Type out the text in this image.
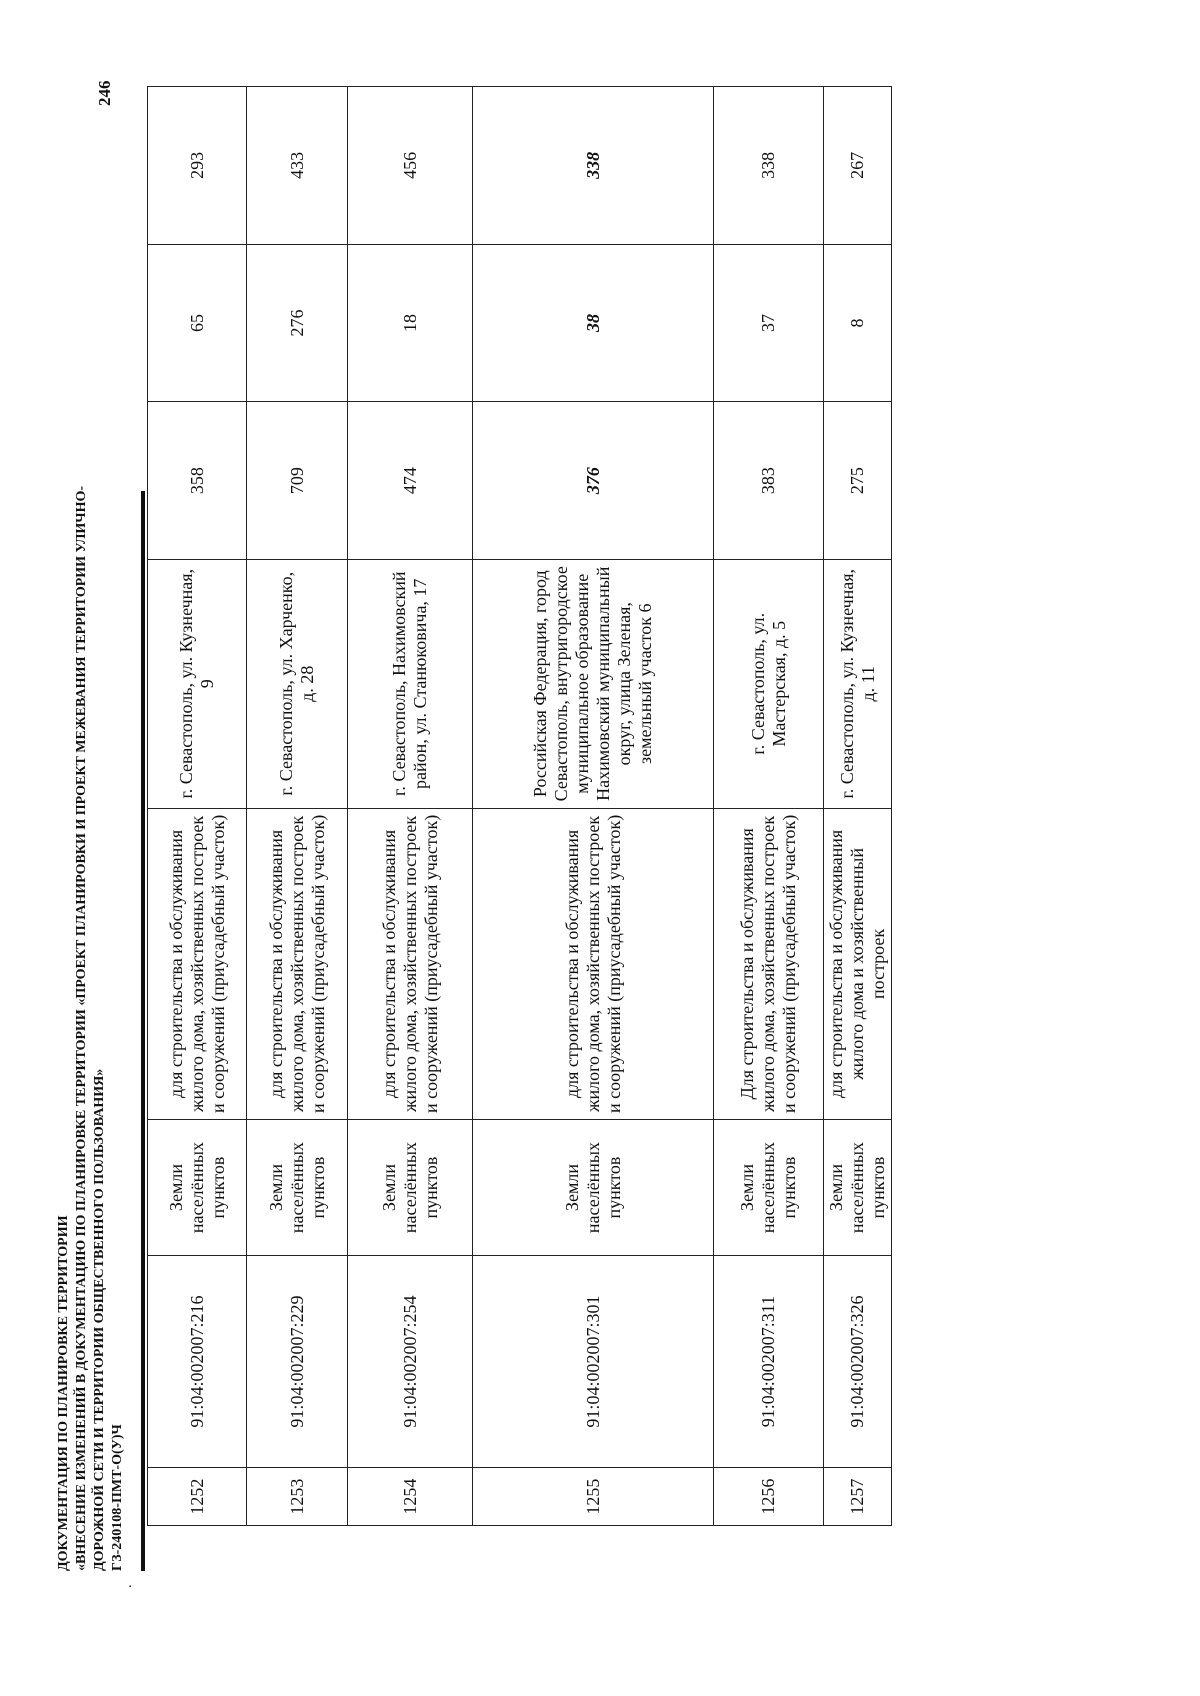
.
ДОКУМЕНТАЦИЯ ПО ПЛАНИРОВКЕ ТЕРРИТОРИИ «ВНЕСЕНИЕ ИЗМЕНЕНИЙ В ДОКУМЕНТАЦИЮ ПО ПЛАНИРОВКЕ ТЕРРИТОРИИ «ПРОЕКТ ПЛАНИРОВКИ И ПРОЕКТ МЕЖЕВАНИЯ ТЕРРИТОРИИ УЛИЧНО- ДОРОЖНОЙ СЕТИ И ТЕРРИТОРИИ ОБЩЕСТВЕННОГО ПОЛЬЗОВАНИЯ» ГЗ-240108-ПМТ-О(У)Ч
246
1252	91:04:002007:216	Земли населённых пунктов	для строительства и обслуживания жилого дома, хозяйственных построек и сооружений (приусадебный участок)	г. Севастополь, ул. Кузнечная, 9	358	65	293
1253	91:04:002007:229	Земли населённых пунктов	для строительства и обслуживания жилого дома, хозяйственных построек и сооружений (приусадебный участок)	г. Севастополь, ул. Харченко, д. 28	709	276	433
1254	91:04:002007:254	Земли населённых пунктов	для строительства и обслуживания жилого дома, хозяйственных построек и сооружений (приусадебный участок)	г. Севастополь, Нахимовский район, ул. Станюковича, 17	474	18	456
1255	91:04:002007:301	Земли населённых пунктов	для строительства и обслуживания жилого дома, хозяйственных построек и сооружений (приусадебный участок)	Российская Федерация, город Севастополь, внутригородское муниципальное образование Нахимовский муниципальный округ, улица Зеленая, земельный участок 6	376	38	338
1256	91:04:002007:311	Земли населённых пунктов	Для строительства и обслуживания жилого дома, хозяйственных построек и сооружений (приусадебный участок)	г. Севастополь, ул. Мастерская, д. 5	383	37	338
1257	91:04:002007:326	Земли населённых пунктов	для строительства и обслуживания жилого дома и хозяйственный построек	г. Севастополь, ул. Кузнечная, д. 11	275	8	267
